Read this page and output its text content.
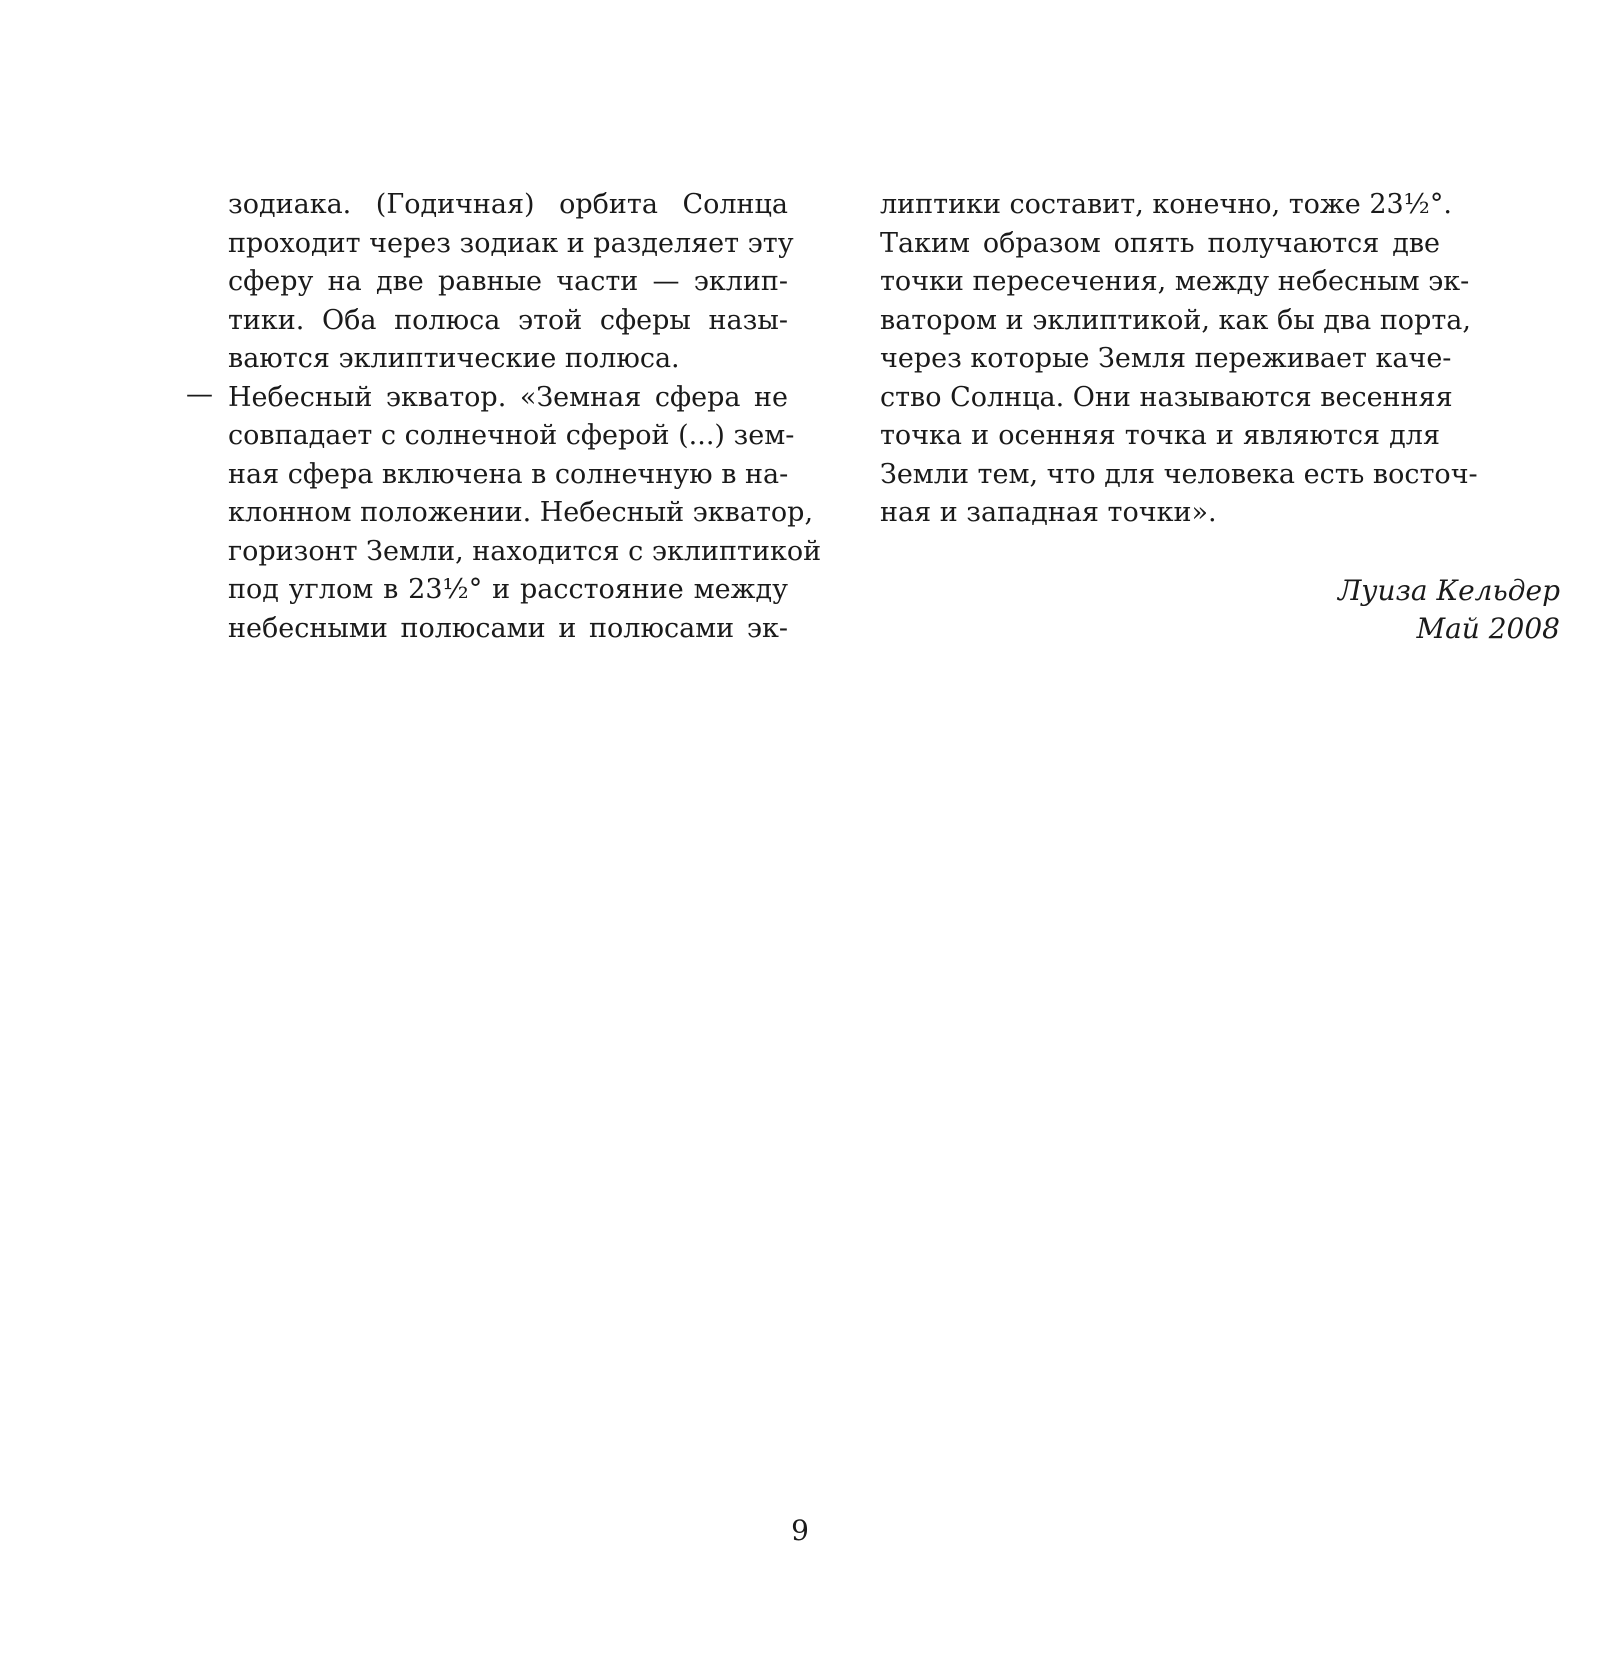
зодиака. (Годичная) орбита Солнца
проходит через зодиак и разделяет эту
сферу на две равные части — эклип-
тики. Оба полюса этой сферы назы-
ваются эклиптические полюса.
— Небесный экватор. «Земная сфера не
совпадает с солнечной сферой (...) зем-
ная сфера включена в солнечную в на-
клонном положении. Небесный экватор,
горизонт Земли, находится с эклиптикой
под углом в 23½° и расстояние между
небесными полюсами и полюсами эк-
липтики составит, конечно, тоже 23½°.
Таким образом опять получаются две
точки пересечения, между небесным эк-
ватором и эклиптикой, как бы два порта,
через которые Земля переживает каче-
ство Солнца. Они называются весенняя
точка и осенняя точка и являются для
Земли тем, что для человека есть восточ-
ная и западная точки».
Луиза Кельдер
Май 2008
9
